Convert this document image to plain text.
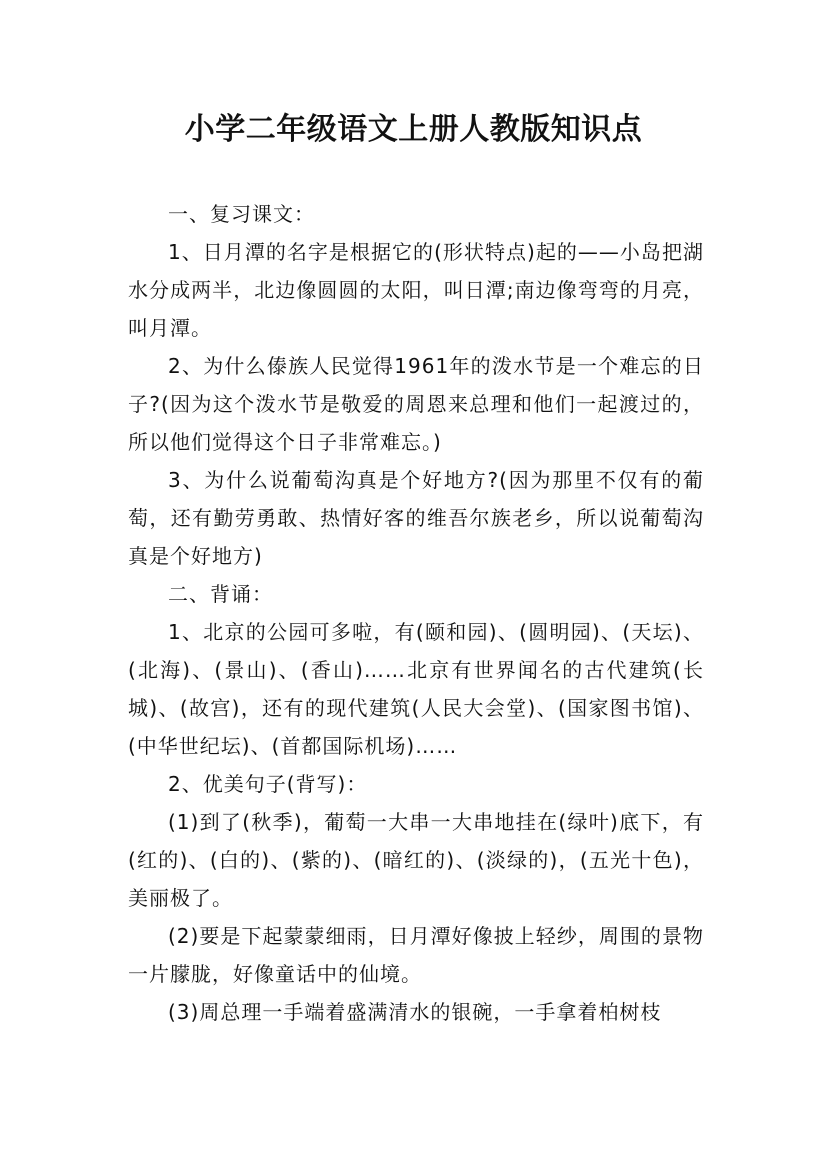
小学二年级语文上册人教版知识点

一、复习课文：

1、日月潭的名字是根据它的(形状特点)起的——小岛把湖水分成两半，北边像圆圆的太阳，叫日潭;南边像弯弯的月亮，叫月潭。

2、为什么傣族人民觉得1961年的泼水节是一个难忘的日子?(因为这个泼水节是敬爱的周恩来总理和他们一起渡过的，所以他们觉得这个日子非常难忘。)

3、为什么说葡萄沟真是个好地方?(因为那里不仅有的葡萄，还有勤劳勇敢、热情好客的维吾尔族老乡，所以说葡萄沟真是个好地方)

二、背诵：

1、北京的公园可多啦，有(颐和园)、(圆明园)、(天坛)、(北海)、(景山)、(香山)……北京有世界闻名的古代建筑(长城)、(故宫)，还有的现代建筑(人民大会堂)、(国家图书馆)、(中华世纪坛)、(首都国际机场)……

2、优美句子(背写)：

(1)到了(秋季)，葡萄一大串一大串地挂在(绿叶)底下，有(红的)、(白的)、(紫的)、(暗红的)、(淡绿的)，(五光十色)，美丽极了。

(2)要是下起蒙蒙细雨，日月潭好像披上轻纱，周围的景物一片朦胧，好像童话中的仙境。

(3)周总理一手端着盛满清水的银碗，一手拿着柏树枝
